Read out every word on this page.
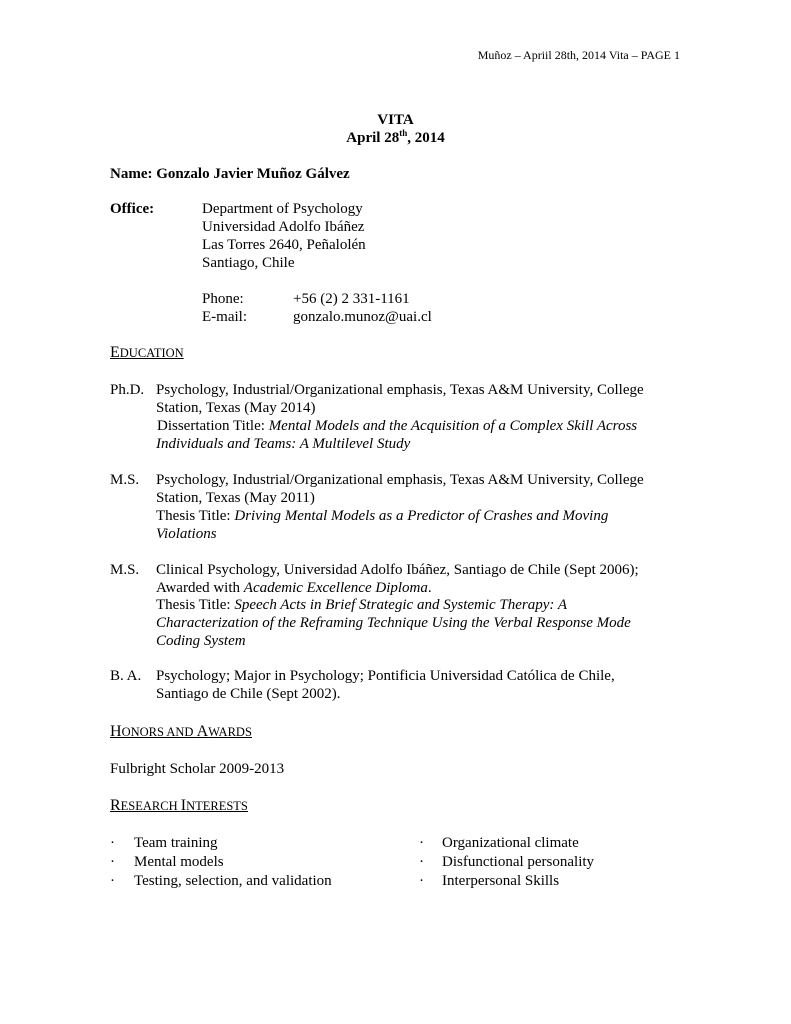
Muñoz – Apriil 28th, 2014 Vita – PAGE 1
VITA
April 28th, 2014
Name: Gonzalo Javier Muñoz Gálvez
Office:	Department of Psychology
Universidad Adolfo Ibáñez
Las Torres 2640, Peñalolén
Santiago, Chile
Phone:	+56 (2) 2 331-1161
E-mail:	gonzalo.munoz@uai.cl
EDUCATION
Ph.D. Psychology, Industrial/Organizational emphasis, Texas A&M University, College
Station, Texas (May 2014)
Dissertation Title: Mental Models and the Acquisition of a Complex Skill Across
Individuals and Teams: A Multilevel Study
M.S. Psychology, Industrial/Organizational emphasis, Texas A&M University, College
Station, Texas (May 2011)
Thesis Title: Driving Mental Models as a Predictor of Crashes and Moving
Violations
M.S. Clinical Psychology, Universidad Adolfo Ibáñez, Santiago de Chile (Sept 2006);
Awarded with Academic Excellence Diploma.
Thesis Title: Speech Acts in Brief Strategic and Systemic Therapy: A
Characterization of the Reframing Technique Using the Verbal Response Mode
Coding System
B. A. Psychology; Major in Psychology; Pontificia Universidad Católica de Chile,
Santiago de Chile (Sept 2002).
HONORS AND AWARDS
Fulbright Scholar 2009-2013
RESEARCH INTERESTS
· Team training
· Mental models
· Testing, selection, and validation
· Organizational climate
· Disfunctional personality
· Interpersonal Skills
